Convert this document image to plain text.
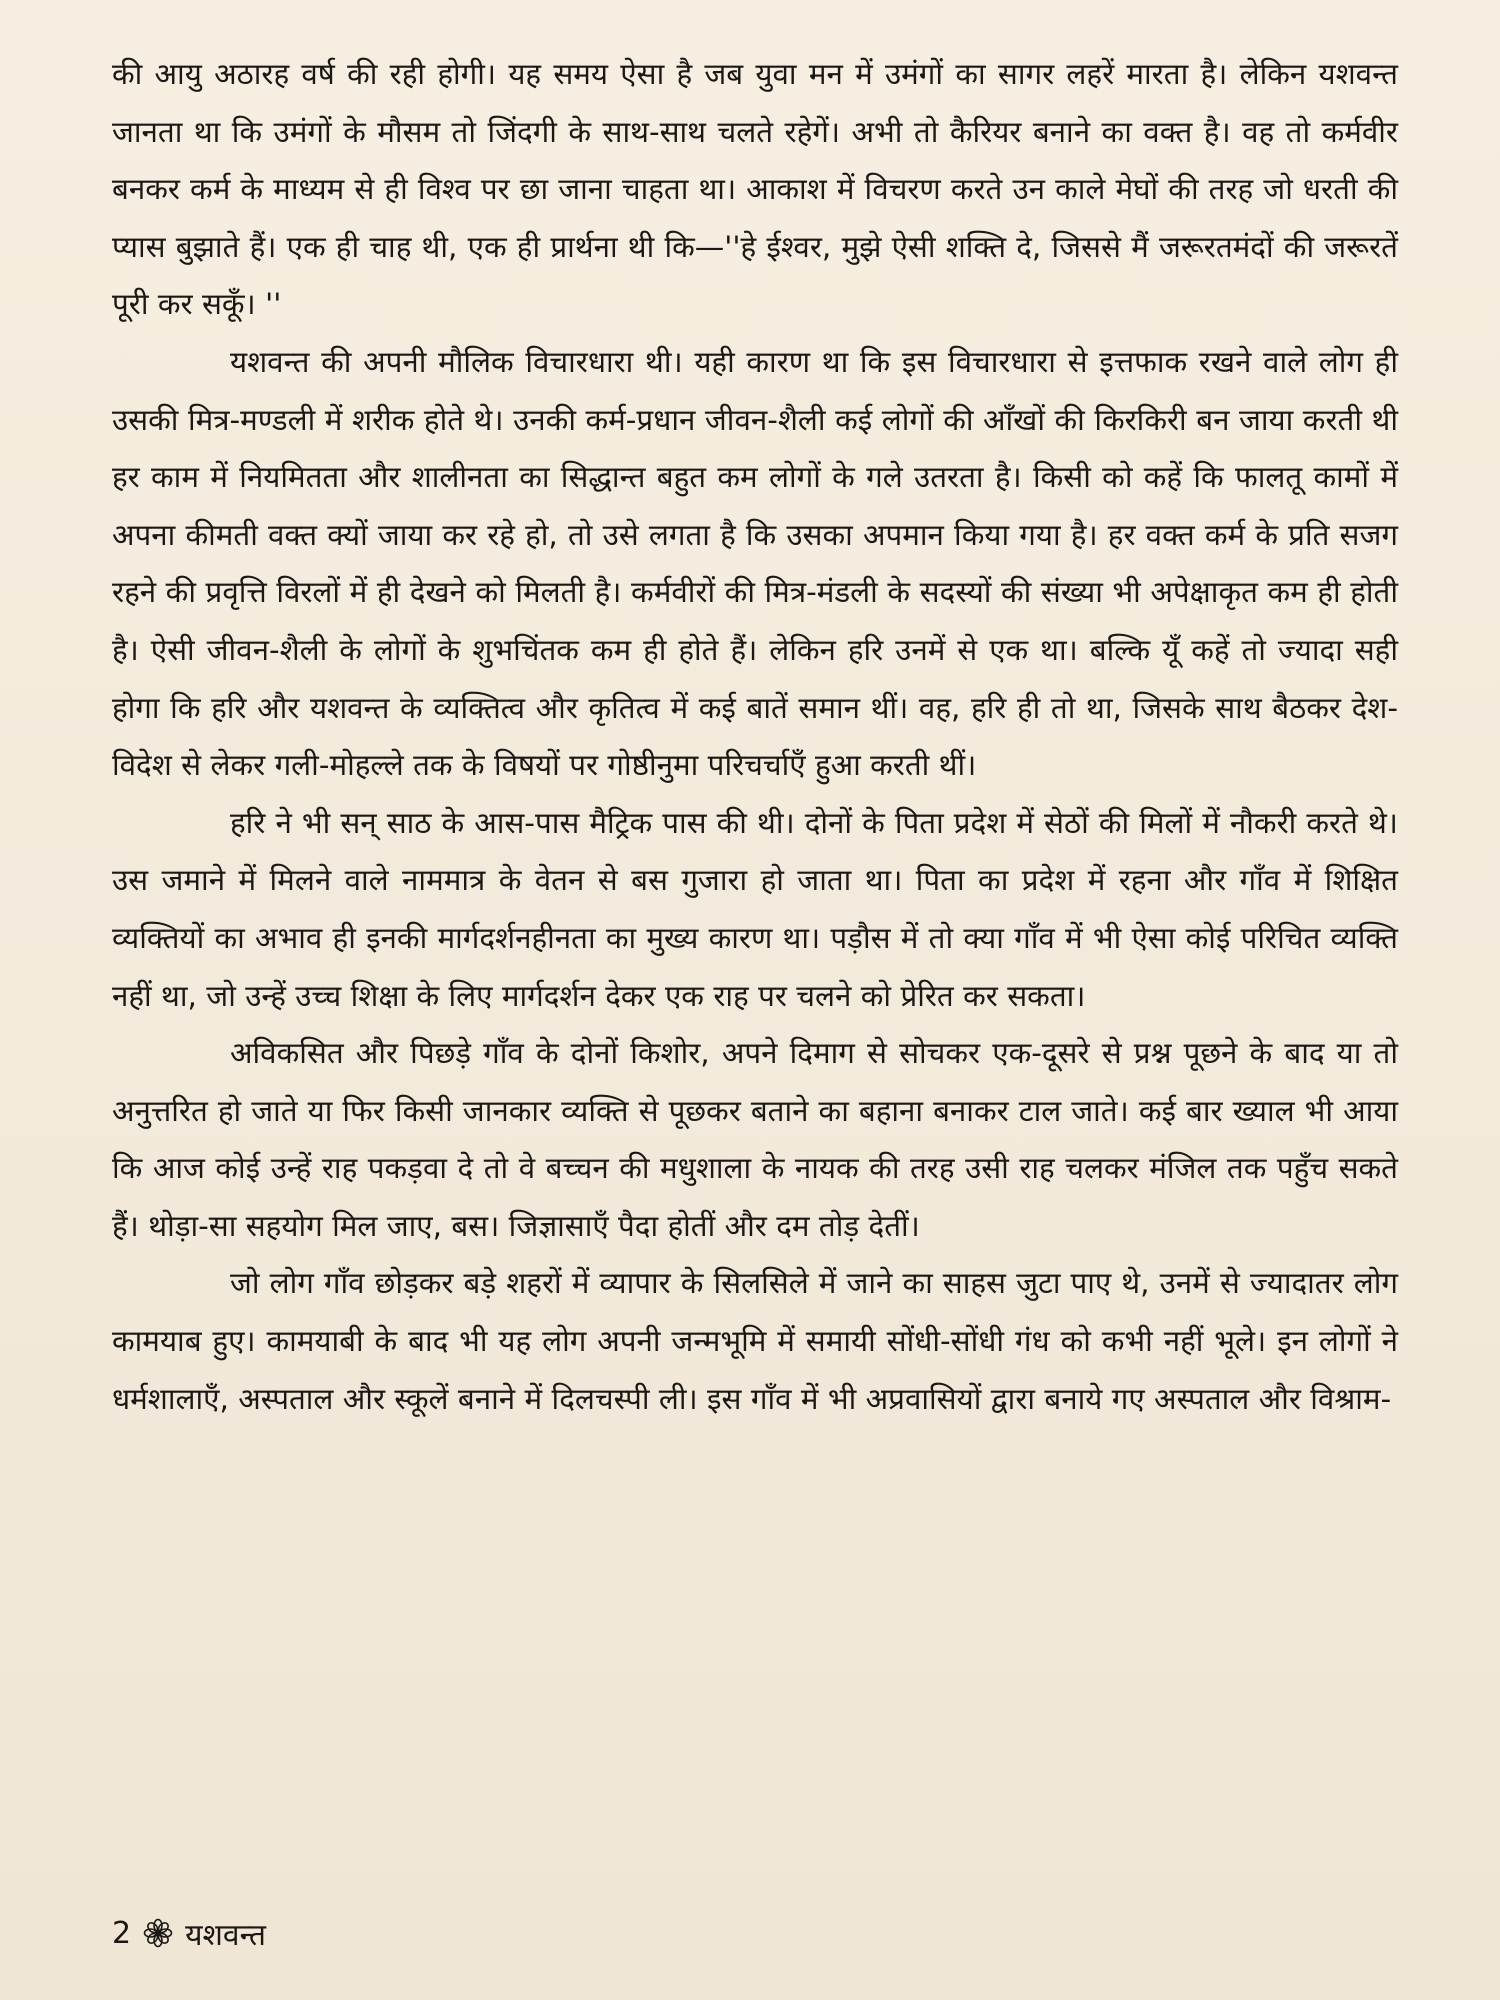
की आयु अठारह वर्ष की रही होगी। यह समय ऐसा है जब युवा मन में उमंगों का सागर लहरें मारता है। लेकिन यशवन्त जानता था कि उमंगों के मौसम तो जिंदगी के साथ-साथ चलते रहेगें। अभी तो कैरियर बनाने का वक्त है। वह तो कर्मवीर बनकर कर्म के माध्यम से ही विश्व पर छा जाना चाहता था। आकाश में विचरण करते उन काले मेघों की तरह जो धरती की प्यास बुझाते हैं। एक ही चाह थी, एक ही प्रार्थना थी कि—''हे ईश्वर, मुझे ऐसी शक्ति दे, जिससे मैं जरूरतमंदों की जरूरतें पूरी कर सकूँ। ''

यशवन्त की अपनी मौलिक विचारधारा थी। यही कारण था कि इस विचारधारा से इत्तफाक रखने वाले लोग ही उसकी मित्र-मण्डली में शरीक होते थे। उनकी कर्म-प्रधान जीवन-शैली कई लोगों की आँखों की किरकिरी बन जाया करती थी हर काम में नियमितता और शालीनता का सिद्धान्त बहुत कम लोगों के गले उतरता है। किसी को कहें कि फालतू कामों में अपना कीमती वक्त क्यों जाया कर रहे हो, तो उसे लगता है कि उसका अपमान किया गया है। हर वक्त कर्म के प्रति सजग रहने की प्रवृत्ति विरलों में ही देखने को मिलती है। कर्मवीरों की मित्र-मंडली के सदस्यों की संख्या भी अपेक्षाकृत कम ही होती है। ऐसी जीवन-शैली के लोगों के शुभचिंतक कम ही होते हैं। लेकिन हरि उनमें से एक था। बल्कि यूँ कहें तो ज्यादा सही होगा कि हरि और यशवन्त के व्यक्तित्व और कृतित्व में कई बातें समान थीं। वह, हरि ही तो था, जिसके साथ बैठकर देश-विदेश से लेकर गली-मोहल्ले तक के विषयों पर गोष्ठीनुमा परिचर्चाएँ हुआ करती थीं।

हरि ने भी सन् साठ के आस-पास मैट्रिक पास की थी। दोनों के पिता प्रदेश में सेठों की मिलों में नौकरी करते थे। उस जमाने में मिलने वाले नाममात्र के वेतन से बस गुजारा हो जाता था। पिता का प्रदेश में रहना और गाँव में शिक्षित व्यक्तियों का अभाव ही इनकी मार्गदर्शनहीनता का मुख्य कारण था। पड़ौस में तो क्या गाँव में भी ऐसा कोई परिचित व्यक्ति नहीं था, जो उन्हें उच्च शिक्षा के लिए मार्गदर्शन देकर एक राह पर चलने को प्रेरित कर सकता।

अविकसित और पिछड़े गाँव के दोनों किशोर, अपने दिमाग से सोचकर एक-दूसरे से प्रश्न पूछने के बाद या तो अनुत्तरित हो जाते या फिर किसी जानकार व्यक्ति से पूछकर बताने का बहाना बनाकर टाल जाते। कई बार ख्याल भी आया कि आज कोई उन्हें राह पकड़वा दे तो वे बच्चन की मधुशाला के नायक की तरह उसी राह चलकर मंजिल तक पहुँच सकते हैं। थोड़ा-सा सहयोग मिल जाए, बस। जिज्ञासाएँ पैदा होतीं और दम तोड़ देतीं।

जो लोग गाँव छोड़कर बड़े शहरों में व्यापार के सिलसिले में जाने का साहस जुटा पाए थे, उनमें से ज्यादातर लोग कामयाब हुए। कामयाबी के बाद भी यह लोग अपनी जन्मभूमि में समायी सोंधी-सोंधी गंध को कभी नहीं भूले। इन लोगों ने धर्मशालाएँ, अस्पताल और स्कूलें बनाने में दिलचस्पी ली। इस गाँव में भी अप्रवासियों द्वारा बनाये गए अस्पताल और विश्राम-

2 यशवन्त
